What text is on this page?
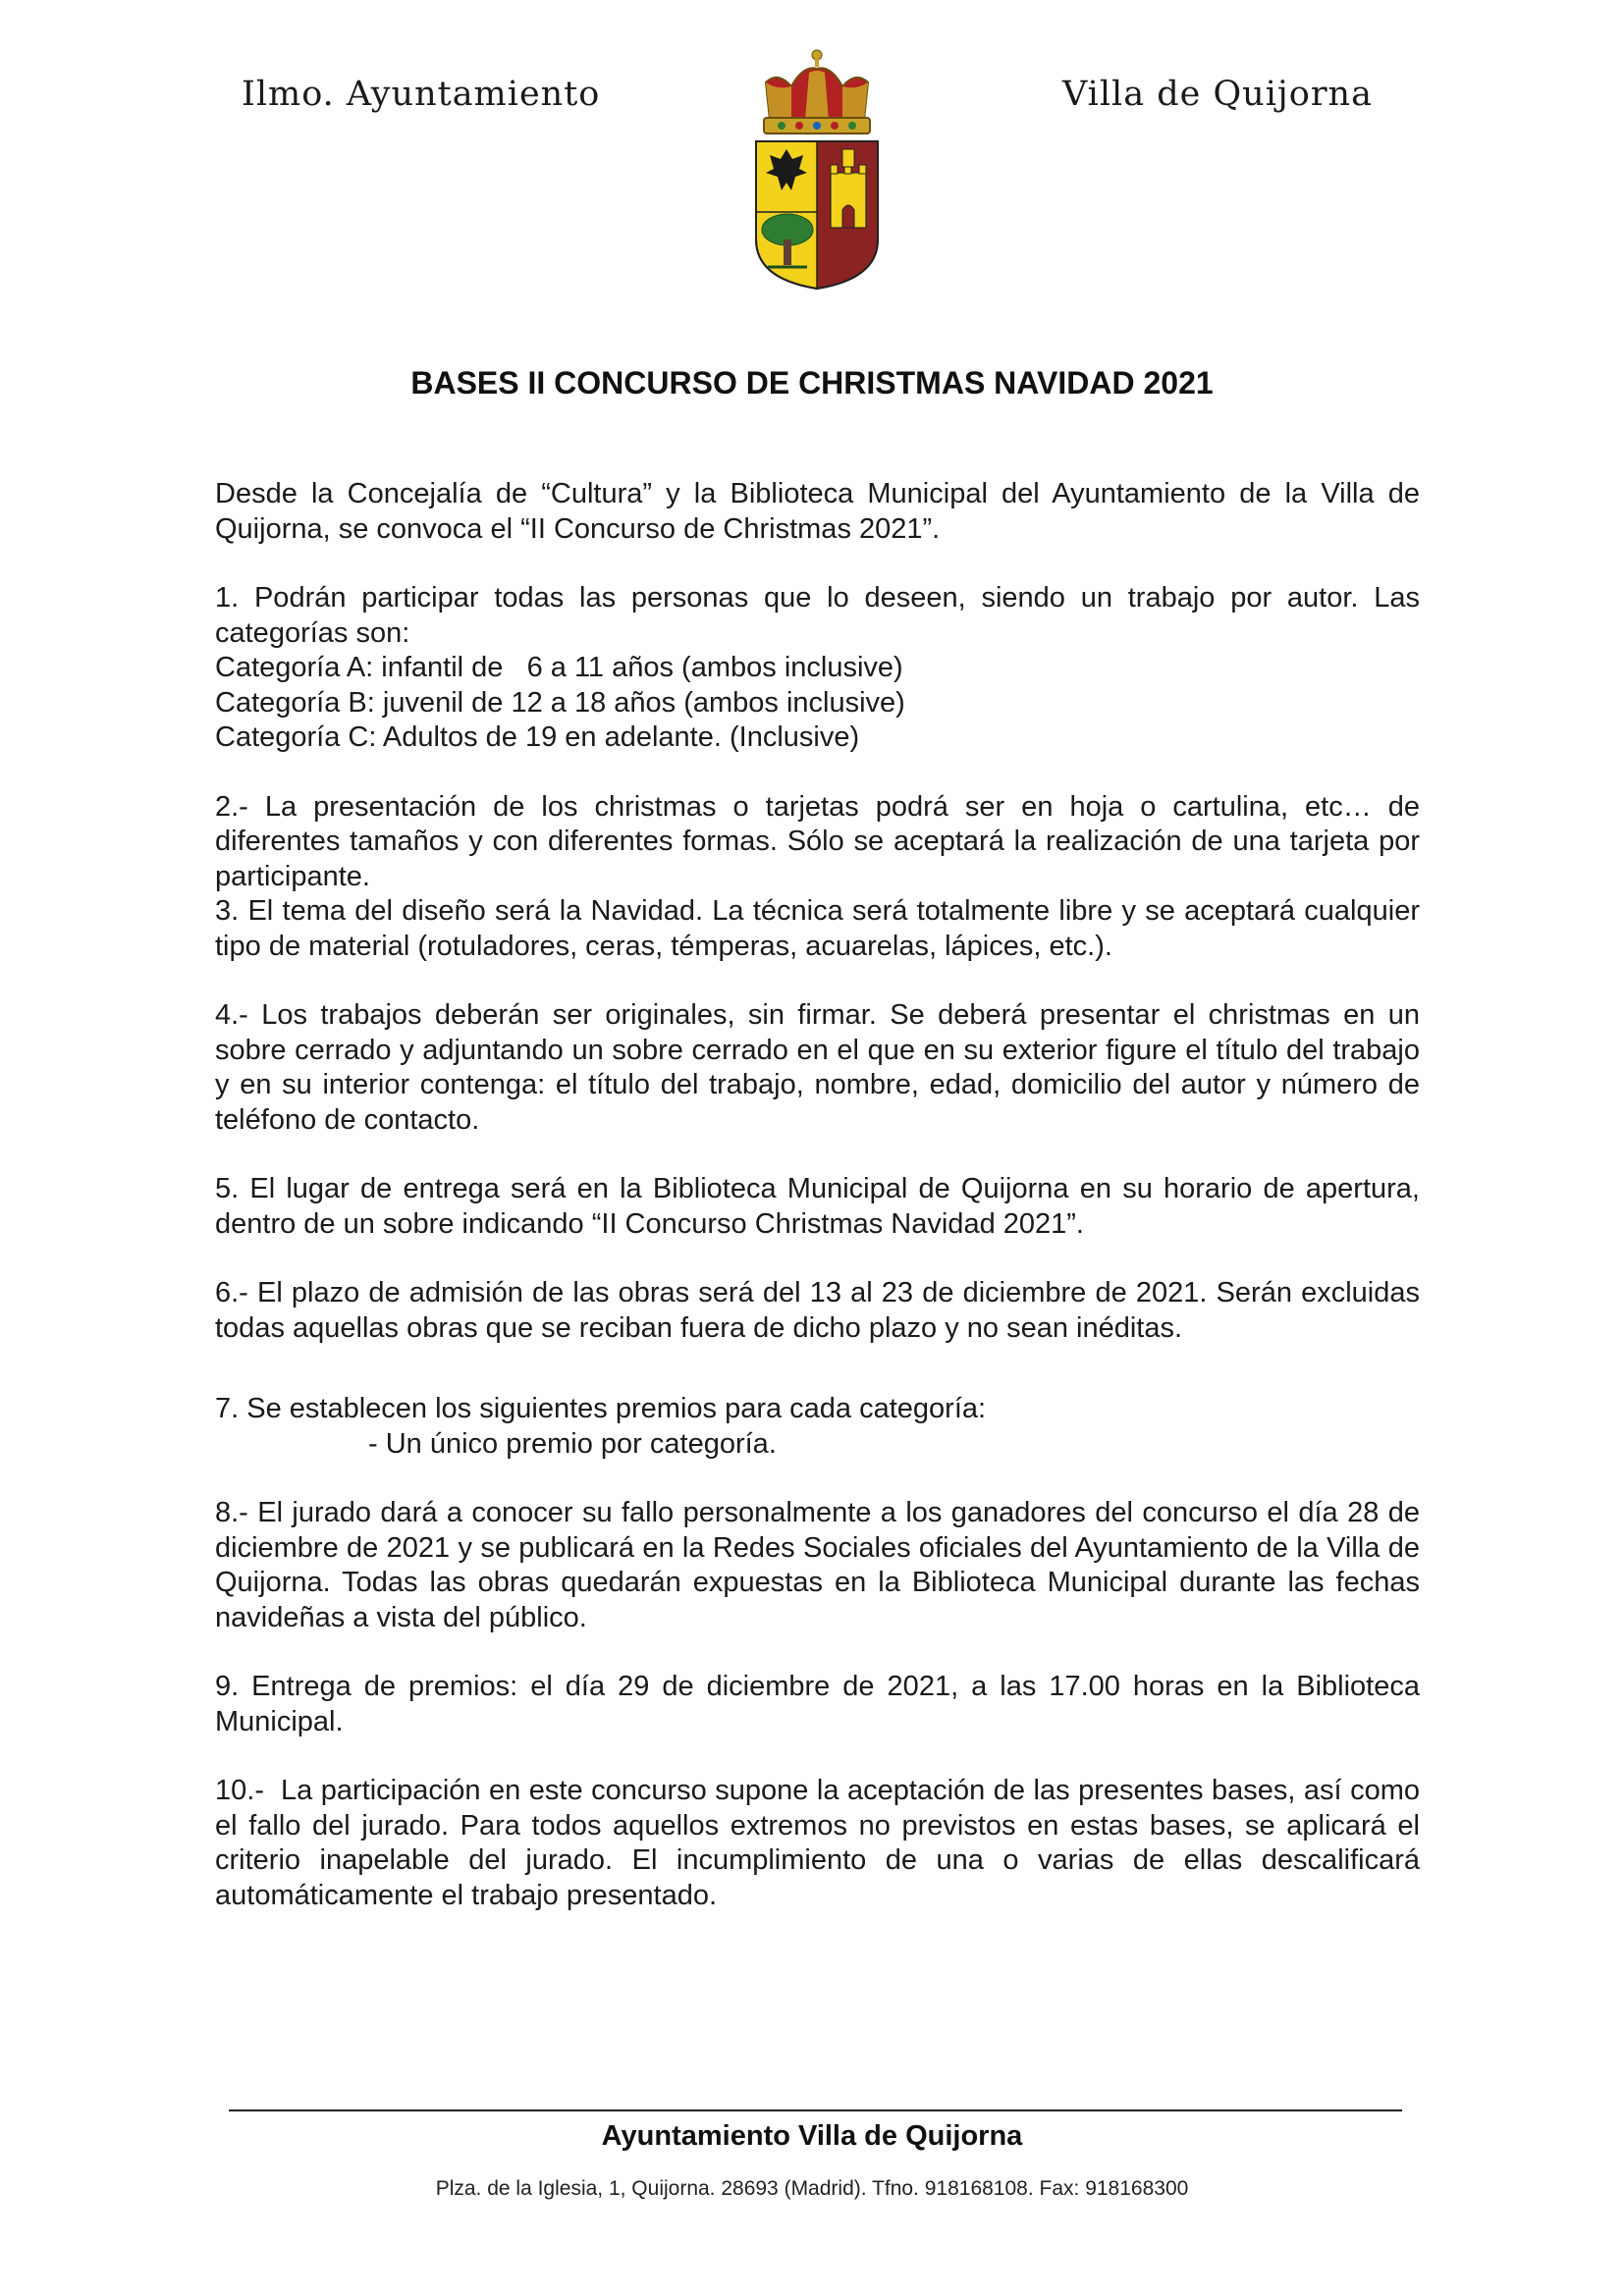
Ilmo. Ayuntamiento	Villa de Quijorna
BASES II CONCURSO DE CHRISTMAS NAVIDAD 2021

Desde la Concejalía de “Cultura” y la Biblioteca Municipal del Ayuntamiento de la Villa de Quijorna, se convoca el “II Concurso de Christmas 2021”.

1. Podrán participar todas las personas que lo deseen, siendo un trabajo por autor. Las categorías son:

Categoría A: infantil de   6 a 11 años (ambos inclusive)

Categoría B: juvenil de 12 a 18 años (ambos inclusive)

Categoría C: Adultos de 19 en adelante. (Inclusive)

2.- La presentación de los christmas o tarjetas podrá ser en hoja o cartulina, etc… de diferentes tamaños y con diferentes formas. Sólo se aceptará la realización de una tarjeta por participante.

3. El tema del diseño será la Navidad. La técnica será totalmente libre y se aceptará cualquier tipo de material (rotuladores, ceras, témperas, acuarelas, lápices, etc.).

4.- Los trabajos deberán ser originales, sin firmar. Se deberá presentar el christmas en un sobre cerrado y adjuntando un sobre cerrado en el que en su exterior figure el título del trabajo y en su interior contenga: el título del trabajo, nombre, edad, domicilio del autor y número de teléfono de contacto.

5. El lugar de entrega será en la Biblioteca Municipal de Quijorna en su horario de apertura, dentro de un sobre indicando “II Concurso Christmas Navidad 2021”.

6.- El plazo de admisión de las obras será del 13 al 23 de diciembre de 2021. Serán excluidas todas aquellas obras que se reciban fuera de dicho plazo y no sean inéditas.

7. Se establecen los siguientes premios para cada categoría:

- Un único premio por categoría.

8.- El jurado dará a conocer su fallo personalmente a los ganadores del concurso el día 28 de diciembre de 2021 y se publicará en la Redes Sociales oficiales del Ayuntamiento de la Villa de Quijorna. Todas las obras quedarán expuestas en la Biblioteca Municipal durante las fechas navideñas a vista del público.

9. Entrega de premios: el día 29 de diciembre de 2021, a las 17.00 horas en la Biblioteca Municipal.

10.-  La participación en este concurso supone la aceptación de las presentes bases, así como el fallo del jurado. Para todos aquellos extremos no previstos en estas bases, se aplicará el criterio inapelable del jurado. El incumplimiento de una o varias de ellas descalificará automáticamente el trabajo presentado.

Ayuntamiento Villa de Quijorna
Plza. de la Iglesia, 1, Quijorna. 28693 (Madrid). Tfno. 918168108. Fax: 918168300
